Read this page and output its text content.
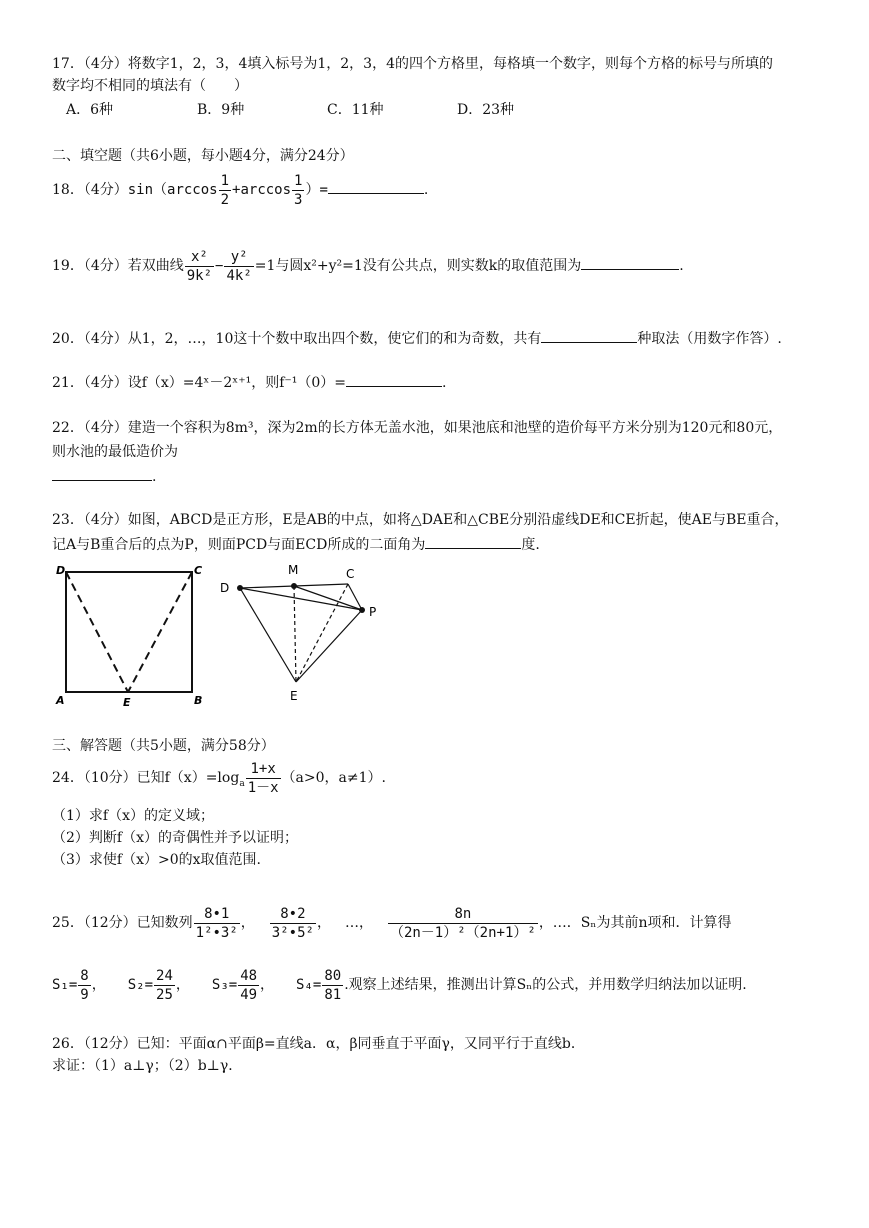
17．（4分）将数字1，2，3，4填入标号为1，2，3，4的四个方格里，每格填一个数字，则每个方格的标号与所填的
数字均不相同的填法有（　　）
A．6种	B．9种	C．11种	D．23种
二、填空题（共6小题，每小题4分，满分24分）
18．（4分）$\sin(\arccos \frac{1}{2} +\arccos \frac{1}{3}$ ）=	.
19．（4分）若双曲线 $\frac{\text{x²}}{\text{9k²}} - \frac{\text{y²}}{\text{4k²}} =1$与圆x²+y²=1没有公共点，则实数k的取值范围为	.
20．（4分）从1，2，…，10这十个数中取出四个数，使它们的和为奇数，共有	种取法（用数字作答）.
21．（4分）设f（x）=4ˣ－2ˣ⁺¹，则f⁻¹（0）=	.
22．（4分）建造一个容积为8m³，深为2m的长方体无盖水池，如果池底和池壁的造价每平方米分别为120元和80元，
则水池的最低造价为
.
23．（4分）如图，ABCD是正方形，E是AB的中点，如将△DAE和△CBE分别沿虚线DE和CE折起，使AE与BE重合，
记A与B重合后的点为P，则面PCD与面ECD所成的二面角为	度.
D	C
A	E	B
D
M	C
P
E
三、解答题（共5小题，满分58分）
24．（10分）已知$f(x)=\log_a \frac{1+x}{1-x} (a>0$，a≠1）.
（1）求f（x）的定义域；
（2）判断f（x）的奇偶性并予以证明；
（3）求使f（x）>0的x取值范围.
25．（12分）已知数列 $\frac{8•1}{\text{1²•3²}}$ ， $\frac{8•2}{\text{3²•5²}}$ ， …， $\frac{8n}{\text{（2n－1）²（2n+1）²}}$ ，…．Sₙ为其前n项和．计算得
$S_1= \frac{8}{9}$ ， $S_2= \frac{24}{25}$ ， $S_3= \frac{48}{49}$ ， $S_4= \frac{80}{81}$ .观察上述结果，推测出计算Sₙ的公式，并用数学归纳法加以证明.
26．（12分）已知：平面α∩平面β=直线a．α，β同垂直于平面γ，又同平行于直线b．
求证：（1）a⊥γ；（2）b⊥γ．
